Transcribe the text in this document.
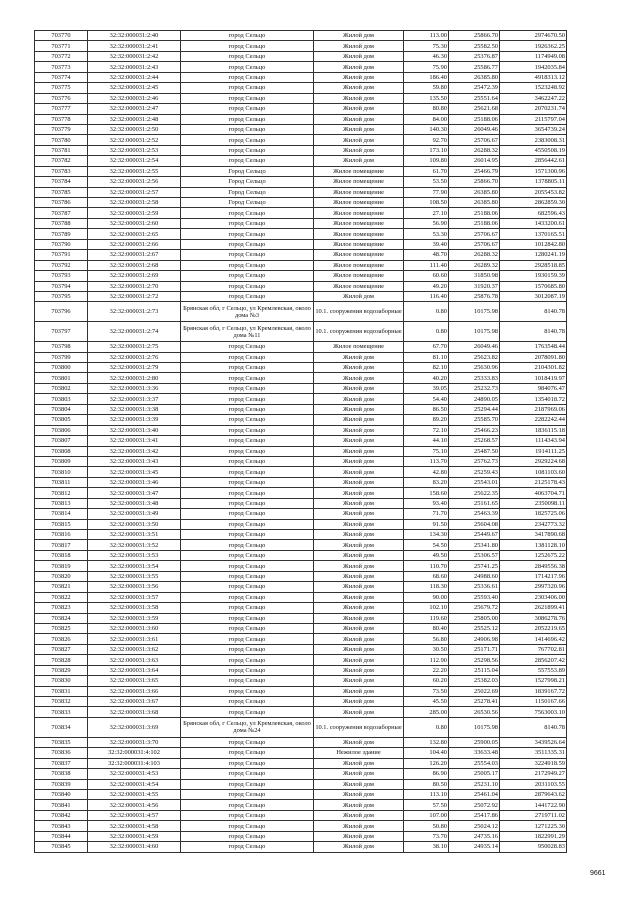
703770	32:32:000031:2:40	город Сельцо	Жилой дом	113.00	25866.70	2974670.50
703771	32:32:000031:2:41	город Сельцо	Жилой дом	75.30	25582.50	1926362.25
703772	32:32:000031:2:42	город Сельцо	Жилой дом	46.30	25376.87	1174949.08
703773	32:32:000031:2:43	город Сельцо	Жилой дом	75.90	25586.77	1942035.84
703774	32:32:000031:2:44	город Сельцо	Жилой дом	186.40	26385.80	4918313.12
703775	32:32:000031:2:45	город Сельцо	Жилой дом	59.80	25472.39	1523248.92
703776	32:32:000031:2:46	город Сельцо	Жилой дом	135.50	25551.64	3462247.22
703777	32:32:000031:2:47	город Сельцо	Жилой дом	80.80	25621.68	2070231.74
703778	32:32:000031:2:48	город Сельцо	Жилой дом	84.00	25188.06	2115797.04
703779	32:32:000031:2:50	город Сельцо	Жилой дом	140.30	26049.46	3654739.24
703780	32:32:000031:2:52	город Сельцо	Жилой дом	92.70	25706.67	2383008.31
703781	32:32:000031:2:53	город Сельцо	Жилой дом	173.10	26288.32	4550508.19
703782	32:32:000031:2:54	город Сельцо	Жилой дом	109.80	26014.95	2856442.61
703783	32:32:000031:2:55	Город Сельцо	Жилое помещение	61.70	25466.79	1571300.96
703784	32:32:000031:2:56	Город Сельцо	Жилое помещение	53.50	25866.70	1378805.11
703785	32:32:000031:2:57	Город Сельцо	Жилое помещение	77.90	26385.80	2055453.82
703786	32:32:000031:2:58	Город Сельцо	Жилое помещение	108.50	26385.80	2862859.30
703787	32:32:000031:2:59	город Сельцо	Жилое помещение	27.10	25188.06	682596.43
703788	32:32:000031:2:60	город Сельцо	Жилое помещение	56.90	25188.06	1433200.61
703789	32:32:000031:2:65	город Сельцо	Жилое помещение	53.30	25706.67	1370165.51
703790	32:32:000031:2:66	город Сельцо	Жилое помещение	39.40	25706.67	1012842.80
703791	32:32:000031:2:67	город Сельцо	Жилое помещение	48.70	26288.32	1280241.19
703792	32:32:000031:2:68	город Сельцо	Жилое помещение	111.40	26289.32	2928518.85
703793	32:32:000031:2:69	город Сельцо	Жилое помещение	60.60	31850.98	1930159.39
703794	32:32:000031:2:70	город Сельцо	Жилое помещение	49.20	31920.37	1570685.80
703795	32:32:000031:2:72	город Сельцо	Жилой дом	116.40	25876.78	3012087.19
703796	32:32:000031:2:73	Брянская обл, г Сельцо, ул Кремлевская, около дома №3	10.1. сооружения водозаборные	0.80	10175.98	8140.78
703797	32:32:000031:2:74	Брянская обл, г Сельцо, ул Кремлевская, около дома №11	10.1. сооружения водозаборные	0.80	10175.98	8140.78
703798	32:32:000031:2:75	город Сельцо	Жилое помещение	67.70	26049.46	1763548.44
703799	32:32:000031:2:76	город Сельцо	Жилой дом	81.10	25623.82	2078091.80
703800	32:32:000031:2:79	город Сельцо	Жилой дом	82.10	25630.96	2104301.82
703801	32:32:000031:2:80	город Сельцо	Жилой дом	40.20	25333.83	1018419.97
703802	32:32:000031:3:36	город Сельцо	Жилой дом	39.05	25232.73	984076.47
703803	32:32:000031:3:37	город Сельцо	Жилой дом	54.40	24890.05	1354018.72
703804	32:32:000031:3:38	город Сельцо	Жилой дом	86.50	25294.44	2187969.06
703805	32:32:000031:3:39	город Сельцо	Жилой дом	89.20	25585.70	2282242.44
703806	32:32:000031:3:40	город Сельцо	Жилой дом	72.10	25466.23	1836115.18
703807	32:32:000031:3:41	город Сельцо	Жилой дом	44.10	25268.57	1114343.94
703808	32:32:000031:3:42	город Сельцо	Жилой дом	75.10	25487.50	1914111.25
703809	32:32:000031:3:43	город Сельцо	Жилой дом	113.70	25762.73	2929224.68
703810	32:32:000031:3:45	город Сельцо	Жилой дом	42.80	25259.43	1081103.60
703811	32:32:000031:3:46	город Сельцо	Жилой дом	83.20	25543.01	2125178.43
703812	32:32:000031:3:47	город Сельцо	Жилой дом	158.60	25622.35	4063704.71
703813	32:32:000031:3:48	город Сельцо	Жилой дом	93.40	25161.65	2350098.11
703814	32:32:000031:3:49	город Сельцо	Жилой дом	71.70	25463.39	1825725.06
703815	32:32:000031:3:50	город Сельцо	Жилой дом	91.50	25604.08	2342773.32
703816	32:32:000031:3:51	город Сельцо	Жилой дом	134.30	25449.67	3417890.68
703817	32:32:000031:3:52	город Сельцо	Жилой дом	54.50	25341.80	1381128.10
703818	32:32:000031:3:53	город Сельцо	Жилой дом	49.50	25306.57	1252675.22
703819	32:32:000031:3:54	город Сельцо	Жилой дом	110.70	25741.25	2849556.38
703820	32:32:000031:3:55	город Сельцо	Жилой дом	68.60	24988.60	1714217.96
703821	32:32:000031:3:56	город Сельцо	Жилой дом	118.30	25336.61	2997320.96
703822	32:32:000031:3:57	город Сельцо	Жилой дом	90.00	25593.40	2303406.00
703823	32:32:000031:3:58	город Сельцо	Жилой дом	102.10	25679.72	2621899.41
703824	32:32:000031:3:59	город Сельцо	Жилой дом	119.60	25805.00	3086278.76
703825	32:32:000031:3:60	город Сельцо	Жилой дом	80.40	25525.12	2052219.65
703826	32:32:000031:3:61	город Сельцо	Жилой дом	56.80	24906.98	1414696.42
703827	32:32:000031:3:62	город Сельцо	Жилой дом	30.50	25171.71	767702.81
703828	32:32:000031:3:63	город Сельцо	Жилой дом	112.90	25298.56	2856207.42
703829	32:32:000031:3:64	город Сельцо	Жилой дом	22.20	25115.04	557553.89
703830	32:32:000031:3:65	город Сельцо	Жилой дом	60.20	25382.03	1527998.21
703831	32:32:000031:3:66	город Сельцо	Жилой дом	73.50	25022.69	1839167.72
703832	32:32:000031:3:67	город Сельцо	Жилой дом	45.50	25278.41	1150167.66
703833	32:32:000031:3:68	город Сельцо	Жилой дом	285.00	26530.56	7563003.10
703834	32:32:000031:3:69	Брянская обл, г Сельцо, ул Кремлевская, около дома №24	10.1. сооружения водозаборные	0.80	10175.98	8140.78
703835	32:32:000031:3:70	город Сельцо	Жилой дом	132.80	25900.05	3439526.64
703836	32:32:000031:4:102	город Сельцо	Нежилое здание	104.40	33633.48	3511335.31
703837	32:32:000031:4:103	город Сельцо	Жилой дом	126.20	25554.03	3224918.59
703838	32:32:000031:4:53	город Сельцо	Жилой дом	86.90	25005.17	2172949.27
703839	32:32:000031:4:54	город Сельцо	Жилой дом	80.50	25231.10	2031103.55
703840	32:32:000031:4:55	город Сельцо	Жилой дом	113.10	25461.04	2879643.62
703841	32:32:000031:4:56	город Сельцо	Жилой дом	57.50	25072.92	1441722.90
703842	32:32:000031:4:57	город Сельцо	Жилой дом	107.00	25417.86	2719711.02
703843	32:32:000031:4:58	город Сельцо	Жилой дом	50.80	25024.12	1271225.30
703844	32:32:000031:4:59	город Сельцо	Жилой дом	73.70	24735.16	1822991.29
703845	32:32:000031:4:60	город Сельцо	Жилой дом	38.10	24935.14	950028.83
9661
